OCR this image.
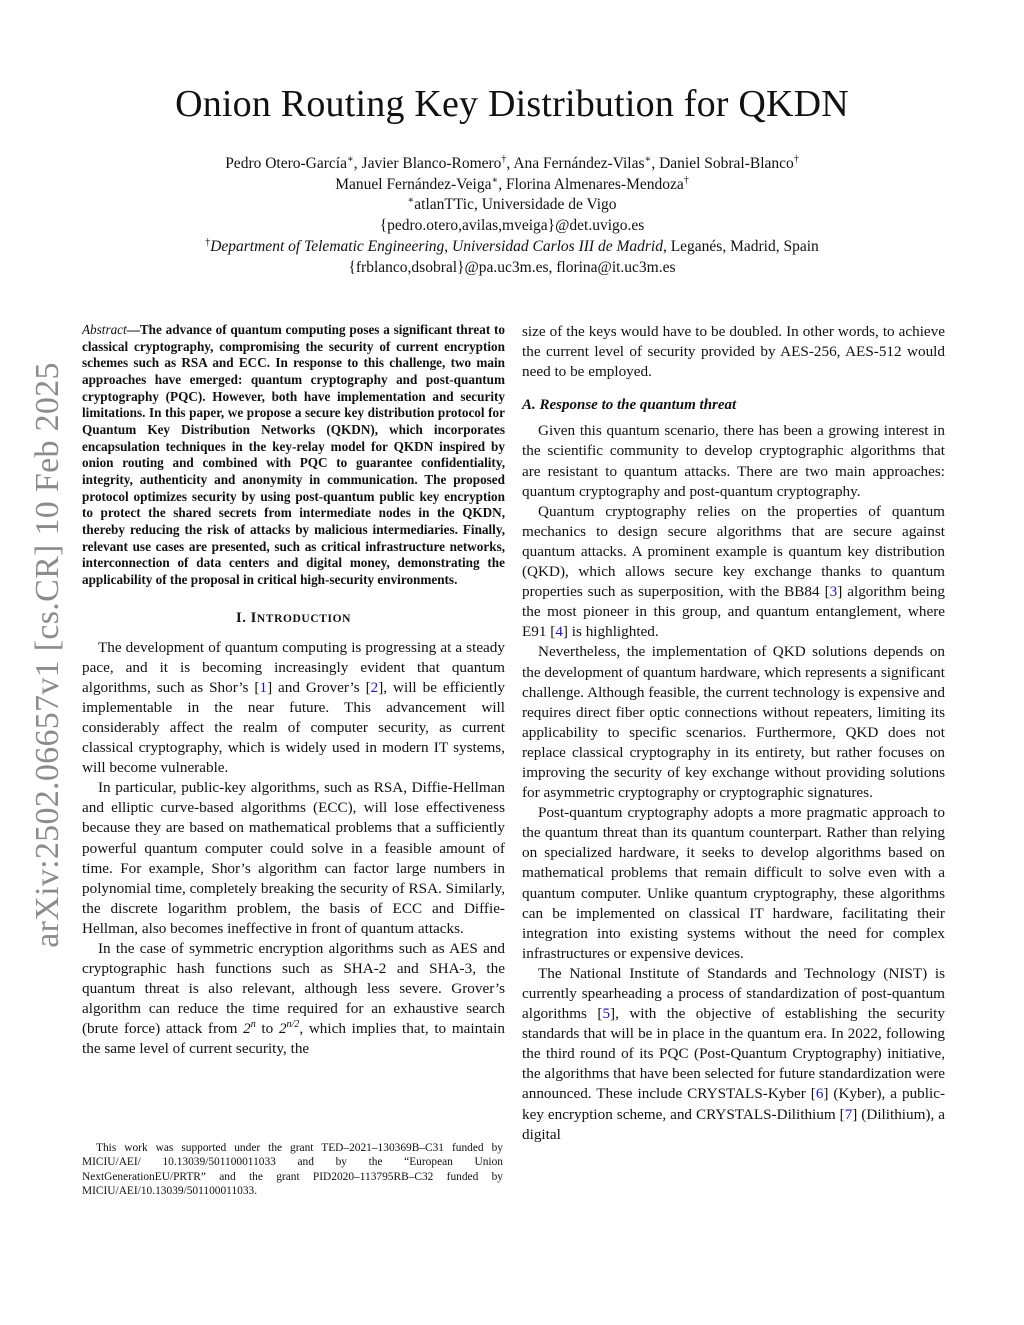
arXiv:2502.06657v1 [cs.CR] 10 Feb 2025
Onion Routing Key Distribution for QKDN
Pedro Otero-García∗, Javier Blanco-Romero†, Ana Fernández-Vilas∗, Daniel Sobral-Blanco†
Manuel Fernández-Veiga∗, Florina Almenares-Mendoza†
∗atlanTTic, Universidade de Vigo
{pedro.otero,avilas,mveiga}@det.uvigo.es
†Department of Telematic Engineering, Universidad Carlos III de Madrid, Leganés, Madrid, Spain
{frblanco,dsobral}@pa.uc3m.es, florina@it.uc3m.es

Abstract—The advance of quantum computing poses a significant threat to classical cryptography, compromising the security of current encryption schemes such as RSA and ECC. In response to this challenge, two main approaches have emerged: quantum cryptography and post-quantum cryptography (PQC). However, both have implementation and security limitations. In this paper, we propose a secure key distribution protocol for Quantum Key Distribution Networks (QKDN), which incorporates encapsulation techniques in the key-relay model for QKDN inspired by onion routing and combined with PQC to guarantee confidentiality, integrity, authenticity and anonymity in communication. The proposed protocol optimizes security by using post-quantum public key encryption to protect the shared secrets from intermediate nodes in the QKDN, thereby reducing the risk of attacks by malicious intermediaries. Finally, relevant use cases are presented, such as critical infrastructure networks, interconnection of data centers and digital money, demonstrating the applicability of the proposal in critical high-security environments.

I. INTRODUCTION

The development of quantum computing is progressing at a steady pace, and it is becoming increasingly evident that quantum algorithms, such as Shor’s [1] and Grover’s [2], will be efficiently implementable in the near future. This advancement will considerably affect the realm of computer security, as current classical cryptography, which is widely used in modern IT systems, will become vulnerable.

In particular, public-key algorithms, such as RSA, Diffie-Hellman and elliptic curve-based algorithms (ECC), will lose effectiveness because they are based on mathematical problems that a sufficiently powerful quantum computer could solve in a feasible amount of time. For example, Shor’s algorithm can factor large numbers in polynomial time, completely breaking the security of RSA. Similarly, the discrete logarithm problem, the basis of ECC and Diffie-Hellman, also becomes ineffective in front of quantum attacks.

In the case of symmetric encryption algorithms such as AES and cryptographic hash functions such as SHA-2 and SHA-3, the quantum threat is also relevant, although less severe. Grover’s algorithm can reduce the time required for an exhaustive search (brute force) attack from 2$^n$ to $2^{n/2}$, which implies that, to maintain the same level of current security, the

This work was supported under the grant TED–2021–130369B–C31 funded by MICIU/AEI/ 10.13039/501100011033 and by the “European Union NextGenerationEU/PRTR” and the grant PID2020–113795RB–C32 funded by MICIU/AEI/10.13039/501100011033.

size of the keys would have to be doubled. In other words, to achieve the current level of security provided by AES-256, AES-512 would need to be employed.

A. Response to the quantum threat

Given this quantum scenario, there has been a growing interest in the scientific community to develop cryptographic algorithms that are resistant to quantum attacks. There are two main approaches: quantum cryptography and post-quantum cryptography.

Quantum cryptography relies on the properties of quantum mechanics to design secure algorithms that are secure against quantum attacks. A prominent example is quantum key distribution (QKD), which allows secure key exchange thanks to quantum properties such as superposition, with the BB84 [3] algorithm being the most pioneer in this group, and quantum entanglement, where E91 [4] is highlighted.

Nevertheless, the implementation of QKD solutions depends on the development of quantum hardware, which represents a significant challenge. Although feasible, the current technology is expensive and requires direct fiber optic connections without repeaters, limiting its applicability to specific scenarios. Furthermore, QKD does not replace classical cryptography in its entirety, but rather focuses on improving the security of key exchange without providing solutions for asymmetric cryptography or cryptographic signatures.

Post-quantum cryptography adopts a more pragmatic approach to the quantum threat than its quantum counterpart. Rather than relying on specialized hardware, it seeks to develop algorithms based on mathematical problems that remain difficult to solve even with a quantum computer. Unlike quantum cryptography, these algorithms can be implemented on classical IT hardware, facilitating their integration into existing systems without the need for complex infrastructures or expensive devices.

The National Institute of Standards and Technology (NIST) is currently spearheading a process of standardization of post-quantum algorithms [5], with the objective of establishing the security standards that will be in place in the quantum era. In 2022, following the third round of its PQC (Post-Quantum Cryptography) initiative, the algorithms that have been selected for future standardization were announced. These include CRYSTALS-Kyber [6] (Kyber), a public-key encryption scheme, and CRYSTALS-Dilithium [7] (Dilithium), a digital
